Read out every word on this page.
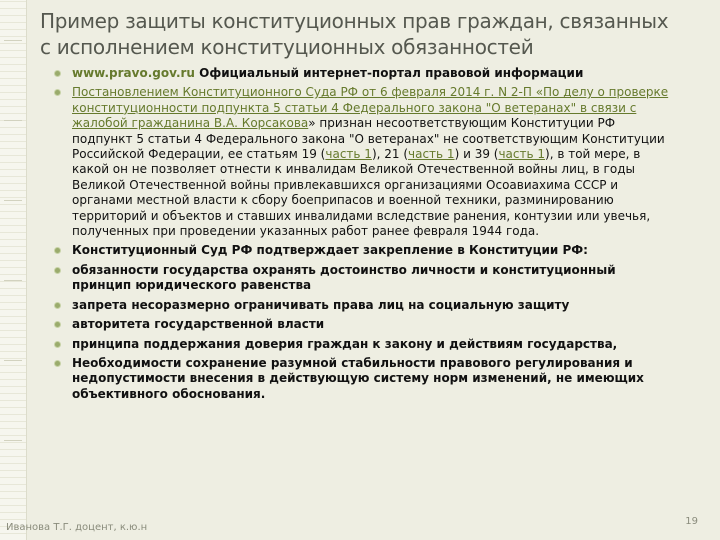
Пример защиты конституционных прав граждан, связанных с исполнением конституционных обязанностей
www.pravo.gov.ru Официальный интернет-портал правовой информации
Постановлением Конституционного Суда РФ от 6 февраля 2014 г. N 2-П «По делу о проверке конституционности подпункта 5 статьи 4 Федерального закона "О ветеранах" в связи с жалобой гражданина В.А. Корсакова» признан несоответствующим Конституции РФ подпункт 5 статьи 4 Федерального закона "О ветеранах" не соответствующим Конституции Российской Федерации, ее статьям 19 (часть 1), 21 (часть 1) и 39 (часть 1), в той мере, в какой он не позволяет отнести к инвалидам Великой Отечественной войны лиц, в годы Великой Отечественной войны привлекавшихся организациями Осоавиахима СССР и органами местной власти к сбору боеприпасов и военной техники, разминированию территорий и объектов и ставших инвалидами вследствие ранения, контузии или увечья, полученных при проведении указанных работ ранее февраля 1944 года.
Конституционный Суд РФ подтверждает закрепление в Конституции РФ:
обязанности государства охранять достоинство личности и конституционный принцип юридического равенства
запрета несоразмерно ограничивать права лиц на социальную защиту
авторитета государственной власти
принципа поддержания доверия граждан к закону и действиям государства,
Необходимости сохранение разумной стабильности правового регулирования и недопустимости внесения в действующую систему норм изменений, не имеющих объективного обоснования.
Иванова Т.Г. доцент, к.ю.н
19
